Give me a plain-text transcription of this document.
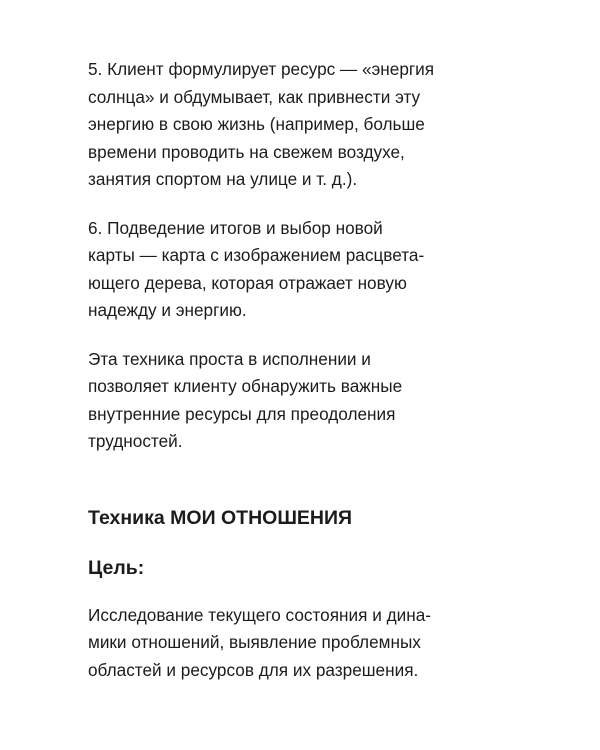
5. Клиент формулирует ресурс — «энергия
солнца» и обдумывает, как привнести эту
энергию в свою жизнь (например, больше
времени проводить на свежем воздухе,
занятия спортом на улице и т. д.).

6. Подведение итогов и выбор новой
карты — карта с изображением расцвета-
ющего дерева, которая отражает новую
надежду и энергию.

Эта техника проста в исполнении и
позволяет клиенту обнаружить важные
внутренние ресурсы для преодоления
трудностей.

Техника МОИ ОТНОШЕНИЯ
Цель:

Исследование текущего состояния и дина-
мики отношений, выявление проблемных
областей и ресурсов для их разрешения.
